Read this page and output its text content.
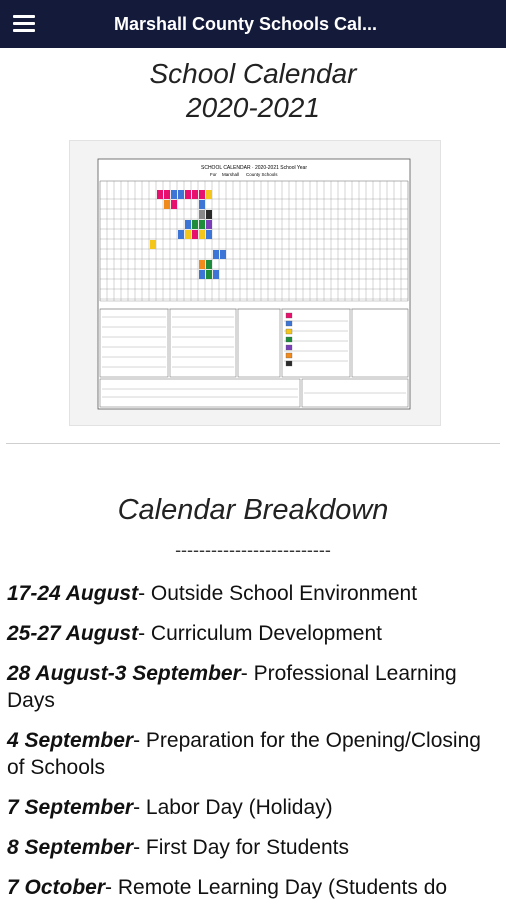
Marshall County Schools Cal...
School Calendar
2020-2021
SCHOOL CALENDAR · 2020-2021 School Year
For Marshall County Schools
Calendar Breakdown
--------------------------
17-24 August- Outside School Environment
25-27 August- Curriculum Development
28 August-3 September- Professional Learning Days
4 September- Preparation for the Opening/Closing of Schools
7 September- Labor Day (Holiday)
8 September- First Day for Students
7 October- Remote Learning Day (Students do
